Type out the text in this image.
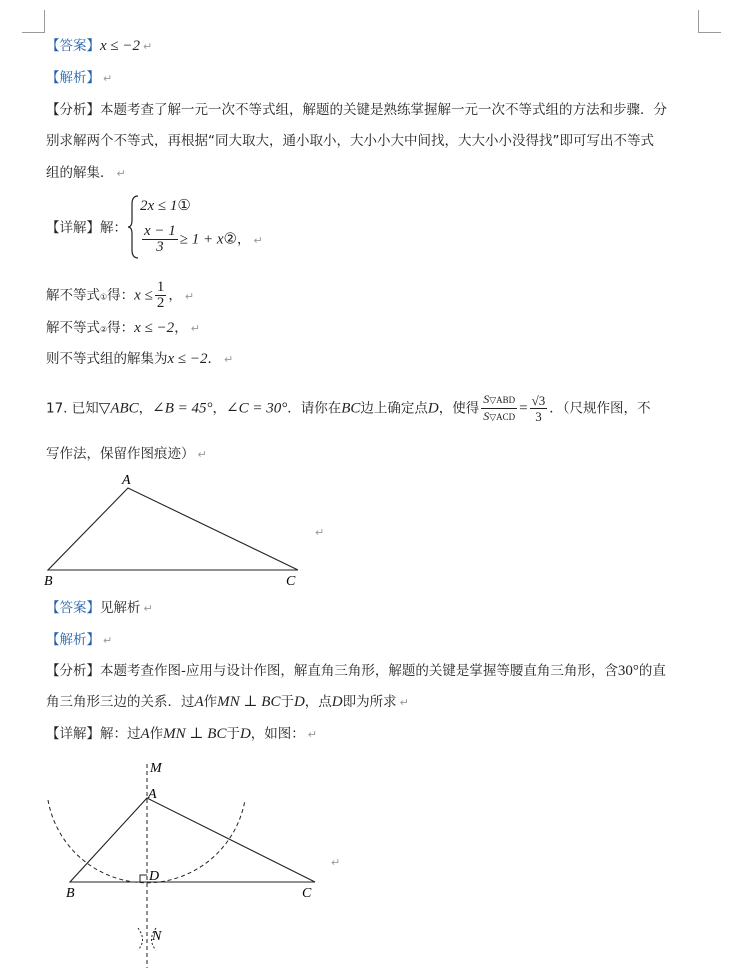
【答案】x ≤ −2 ↵
【解析】 ↵
【分析】本题考查了解一元一次不等式组，解题的关键是熟练掌握解一元一次不等式组的方法和步骤．分
别求解两个不等式，再根据“同大取大，通小取小，大小小大中间找，大大小小没得找”即可写出不等式
组的解集． ↵
【详解】解：
2x ≤ 1①
$\frac{x - 1}{3} \ge 1$ + x②， ↵
解不等式①得：$x \le \frac{1}{2}$ ， ↵
解不等式②得：x ≤ −2， ↵
则不等式组的解集为x ≤ −2． ↵
17. 已知▽ABC，∠B = 45°，∠C = 30°．请你在BC边上确定点D，使得 $\frac{\text{S▽ABD}}{\text{S▽ACD}} = \frac{√3}{3}$ ．（尺规作图，不
写作法，保留作图痕迹） ↵
A
B	C
↵
【答案】见解析 ↵
【解析】 ↵
【分析】本题考查作图-应用与设计作图，解直角三角形，解题的关键是掌握等腰直角三角形，含30°的直
角三角形三边的关系．过A作MN ⊥ BC于D，点D即为所求 ↵
【详解】解：过A作MN ⊥ BC于D，如图： ↵
M
A
D
B	C
N
↵
